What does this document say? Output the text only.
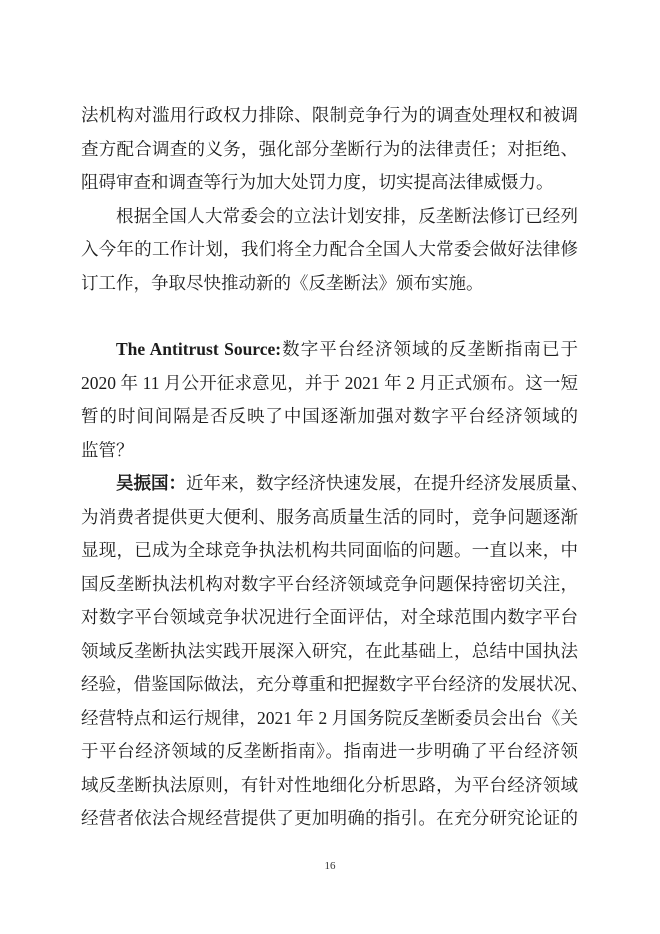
法机构对滥用行政权力排除、限制竞争行为的调查处理权和被调
查方配合调查的义务，强化部分垄断行为的法律责任；对拒绝、
阻碍审查和调查等行为加大处罚力度，切实提高法律威慑力。
根据全国人大常委会的立法计划安排，反垄断法修订已经列
入今年的工作计划，我们将全力配合全国人大常委会做好法律修
订工作，争取尽快推动新的《反垄断法》颁布实施。
The Antitrust Source:数字平台经济领域的反垄断指南已于
2020 年 11 月公开征求意见，并于 2021 年 2 月正式颁布。这一短
暂的时间间隔是否反映了中国逐渐加强对数字平台经济领域的
监管？
吴振国：近年来，数字经济快速发展，在提升经济发展质量、
为消费者提供更大便利、服务高质量生活的同时，竞争问题逐渐
显现，已成为全球竞争执法机构共同面临的问题。一直以来，中
国反垄断执法机构对数字平台经济领域竞争问题保持密切关注，
对数字平台领域竞争状况进行全面评估，对全球范围内数字平台
领域反垄断执法实践开展深入研究，在此基础上，总结中国执法
经验，借鉴国际做法，充分尊重和把握数字平台经济的发展状况、
经营特点和运行规律，2021 年 2 月国务院反垄断委员会出台《关
于平台经济领域的反垄断指南》。指南进一步明确了平台经济领
域反垄断执法原则，有针对性地细化分析思路，为平台经济领域
经营者依法合规经营提供了更加明确的指引。在充分研究论证的
16
